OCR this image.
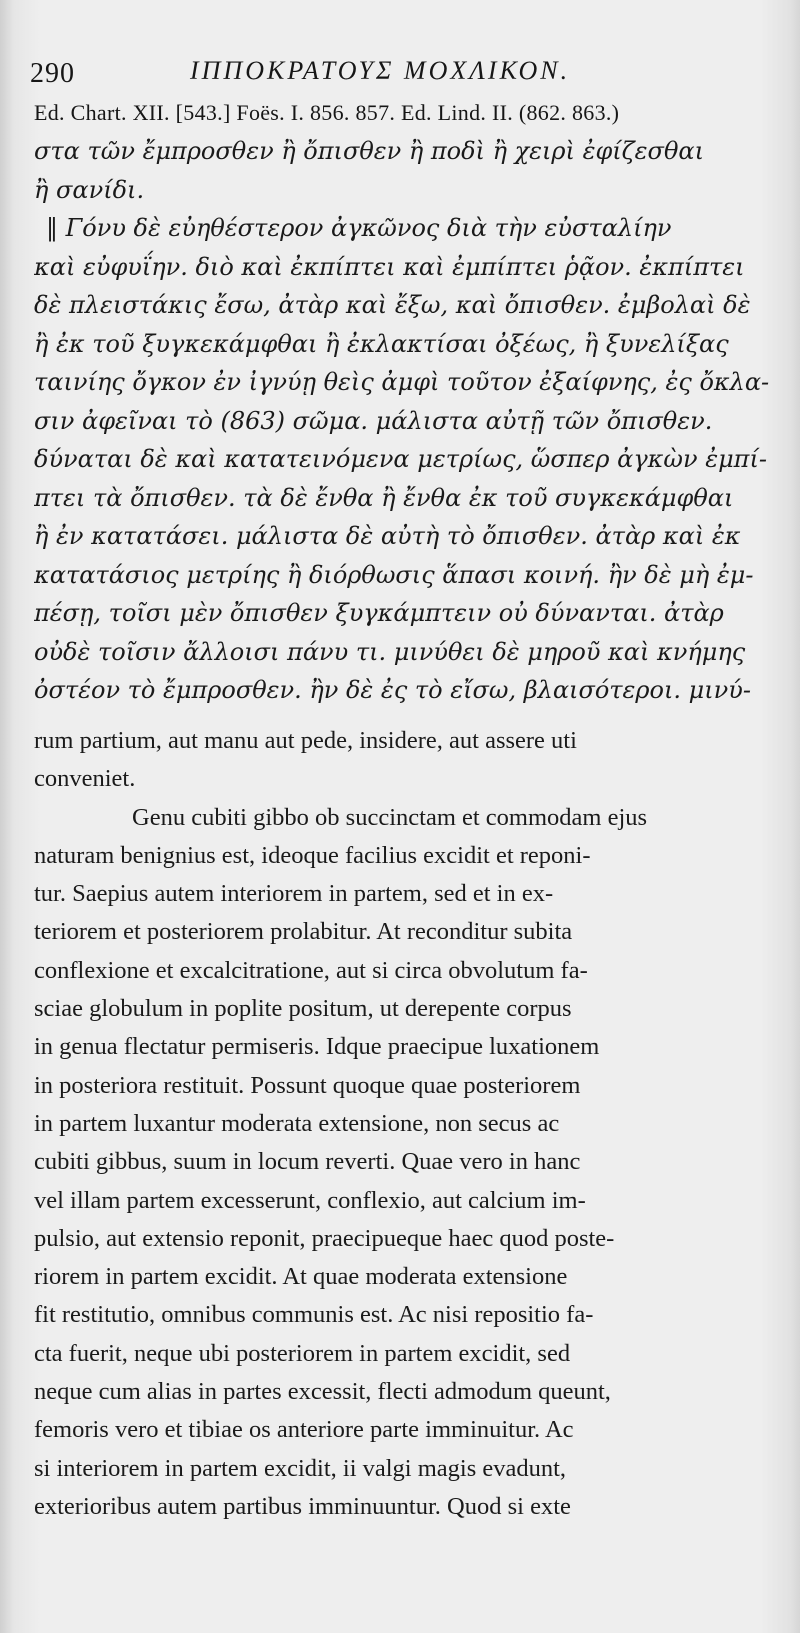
290	ΙΠΠΟΚΡΑΤΟΥΣ ΜΟΧΛΙΚΟΝ.
Ed. Chart. XII. [543.] Foës. I. 856. 857. Ed. Lind. II. (862. 863.)
στα τῶν ἔμπροσθεν ἢ ὄπισθεν ἢ ποδὶ ἢ χειρὶ ἐφίζεσθαι
ἢ σανίδι.
‖ Γόνυ δὲ εὐηθέστερον ἀγκῶνος διὰ τὴν εὐσταλίην
καὶ εὐφυΐην. διὸ καὶ ἐκπίπτει καὶ ἐμπίπτει ῥᾷον. ἐκπίπτει
δὲ πλειστάκις ἔσω, ἀτὰρ καὶ ἔξω, καὶ ὄπισθεν. ἐμβολαὶ δὲ
ἢ ἐκ τοῦ ξυγκεκάμφθαι ἢ ἐκλακτίσαι ὀξέως, ἢ ξυνελίξας
ταινίης ὄγκον ἐν ἰγνύῃ θεὶς ἀμφὶ τοῦτον ἐξαίφνης, ἐς ὄκλα-
σιν ἀφεῖναι τὸ (863) σῶμα. μάλιστα αὐτῇ τῶν ὄπισθεν.
δύναται δὲ καὶ κατατεινόμενα μετρίως, ὥσπερ ἀγκὼν ἐμπί-
πτει τὰ ὄπισθεν. τὰ δὲ ἔνθα ἢ ἔνθα ἐκ τοῦ συγκεκάμφθαι
ἢ ἐν κατατάσει. μάλιστα δὲ αὐτὴ τὸ ὄπισθεν. ἀτὰρ καὶ ἐκ
κατατάσιος μετρίης ἢ διόρθωσις ἅπασι κοινή. ἢν δὲ μὴ ἐμ-
πέσῃ, τοῖσι μὲν ὄπισθεν ξυγκάμπτειν οὐ δύνανται. ἀτὰρ
οὐδὲ τοῖσιν ἄλλοισι πάνυ τι. μινύθει δὲ μηροῦ καὶ κνήμης
ὀστέον τὸ ἔμπροσθεν. ἢν δὲ ἐς τὸ εἴσω, βλαισότεροι. μινύ-
rum partium, aut manu aut pede, insidere, aut assere uti
conveniet.
Genu cubiti gibbo ob succinctam et commodam ejus
naturam benignius est, ideoque facilius excidit et reponi-
tur. Saepius autem interiorem in partem, sed et in ex-
teriorem et posteriorem prolabitur. At reconditur subita
conflexione et excalcitratione, aut si circa obvolutum fa-
sciae globulum in poplite positum, ut derepente corpus
in genua flectatur permiseris. Idque praecipue luxationem
in posteriora restituit. Possunt quoque quae posteriorem
in partem luxantur moderata extensione, non secus ac
cubiti gibbus, suum in locum reverti. Quae vero in hanc
vel illam partem excesserunt, conflexio, aut calcium im-
pulsio, aut extensio reponit, praecipueque haec quod poste-
riorem in partem excidit. At quae moderata extensione
fit restitutio, omnibus communis est. Ac nisi repositio fa-
cta fuerit, neque ubi posteriorem in partem excidit, sed
neque cum alias in partes excessit, flecti admodum queunt,
femoris vero et tibiae os anteriore parte imminuitur. Ac
si interiorem in partem excidit, ii valgi magis evadunt,
exterioribus autem partibus imminuuntur. Quod si exte
